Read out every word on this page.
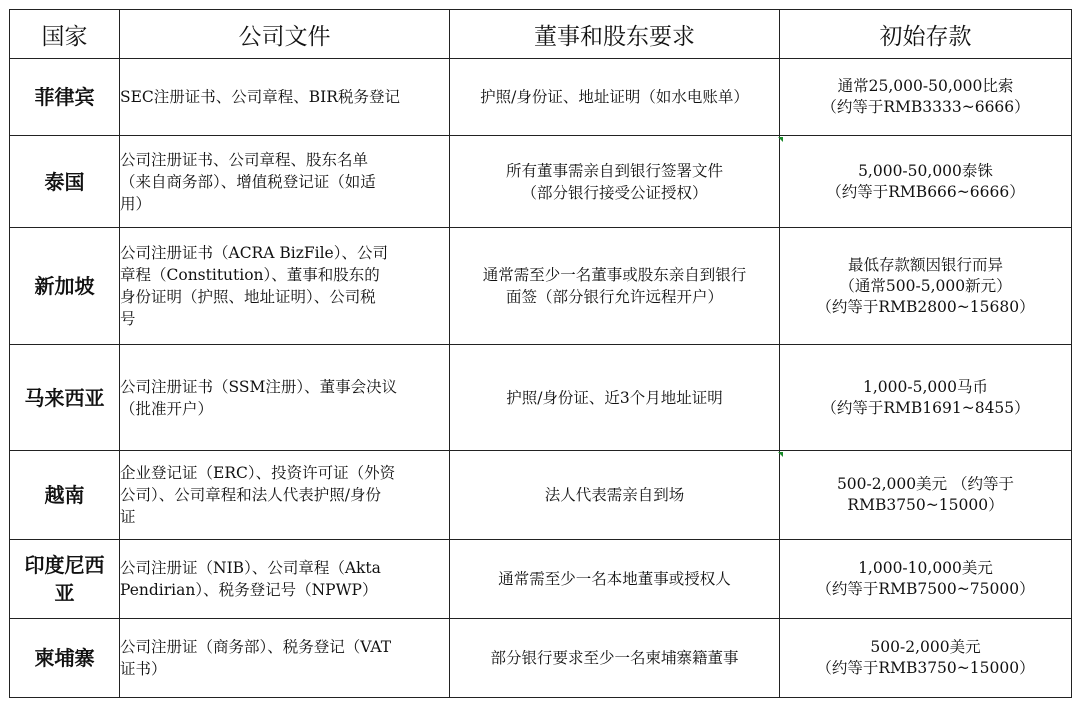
国家	公司文件	董事和股东要求	初始存款
菲律宾	SEC注册证书、公司章程、BIR税务登记	护照/身份证、地址证明（如水电账单）	通常25,000-50,000比索
（约等于RMB3333~6666）

泰国	公司注册证书、公司章程、股东名单
（来自商务部）、增值税登记证（如适
用）	所有董事需亲自到银行签署文件
（部分银行接受公证授权）	5,000-50,000泰铢
（约等于RMB666~6666）

新加坡	公司注册证书（ACRA BizFile）、公司
章程（Constitution）、董事和股东的
身份证明（护照、地址证明）、公司税
号	通常需至少一名董事或股东亲自到银行
面签（部分银行允许远程开户）	最低存款额因银行而异
（通常500-5,000新元）
（约等于RMB2800~15680）

马来西亚	公司注册证书（SSM注册）、董事会决议
（批准开户）	护照/身份证、近3个月地址证明	1,000-5,000马币
（约等于RMB1691~8455）

越南	企业登记证（ERC）、投资许可证（外资
公司）、公司章程和法人代表护照/身份
证	法人代表需亲自到场	500-2,000美元 （约等于
RMB3750~15000）

印度尼西亚	公司注册证（NIB）、公司章程（Akta
Pendirian）、税务登记号（NPWP）	通常需至少一名本地董事或授权人	1,000-10,000美元
（约等于RMB7500~75000）

柬埔寨	公司注册证（商务部）、税务登记（VAT
证书）	部分银行要求至少一名柬埔寨籍董事	500-2,000美元
（约等于RMB3750~15000）
